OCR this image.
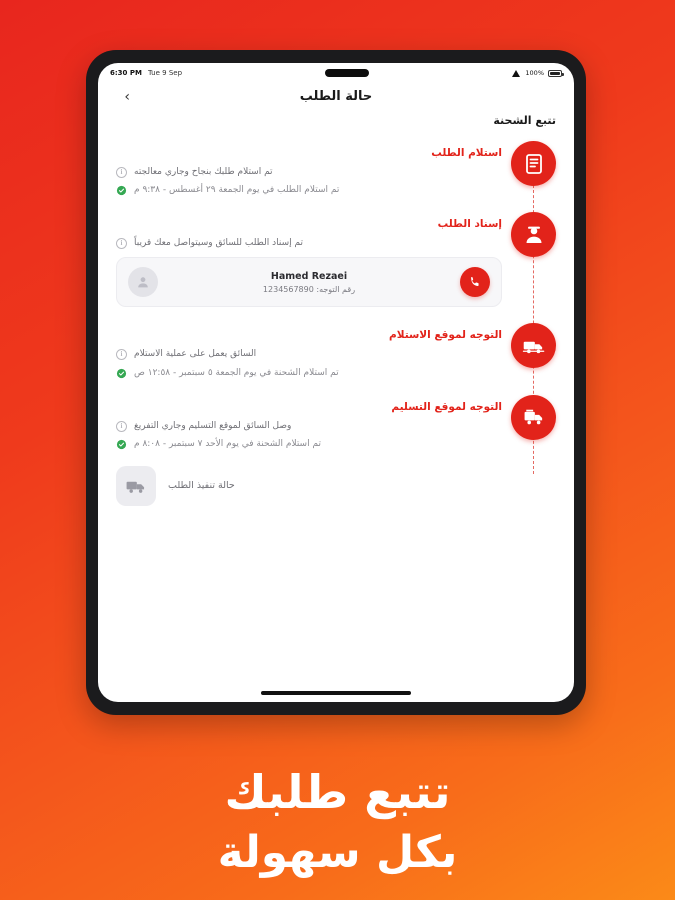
6:30 PM Tue 9 Sep	100%
حالة الطلب
›
تتبع الشحنة
استلام الطلب
تم استلام طلبك بنجاح وجاري معالجته
i
تم استلام الطلب في يوم الجمعة ٢٩ أغسطس - ٩:٣٨ م
إسناد الطلب
تم إسناد الطلب للسائق وسيتواصل معك قريباً
i
Hamed Rezaei
رقم التوجه: 1234567890
التوجه لموقع الاستلام
السائق يعمل على عملية الاستلام
i
تم استلام الشحنة في يوم الجمعة ٥ سبتمبر - ١٢:٥٨ ص
التوجه لموقع التسليم
وصل السائق لموقع التسليم وجاري التفريغ
i
تم استلام الشحنة في يوم الأحد ٧ سبتمبر - ٨:٠٨ م
حالة تنفيذ الطلب
تتبع طلبك
بكل سهولة
